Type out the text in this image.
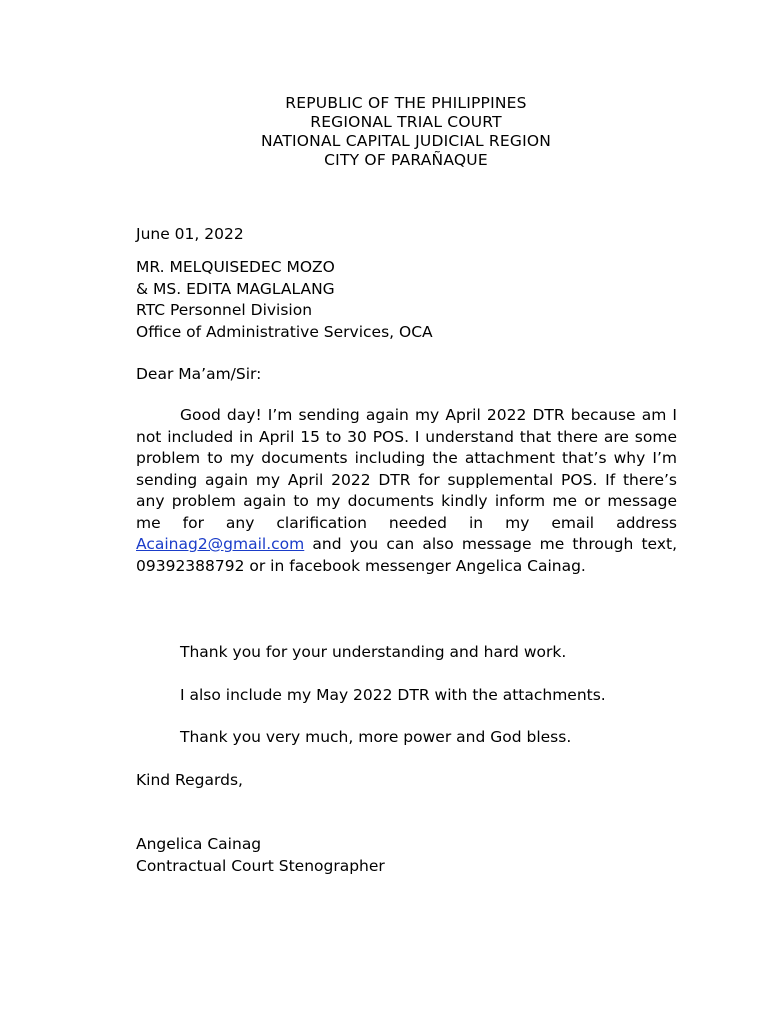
REPUBLIC OF THE PHILIPPINES
REGIONAL TRIAL COURT
NATIONAL CAPITAL JUDICIAL REGION
CITY OF PARAÑAQUE
June 01, 2022
MR. MELQUISEDEC MOZO
& MS. EDITA MAGLALANG
RTC Personnel Division
Office of Administrative Services, OCA
Dear Ma’am/Sir:
Good day! I’m sending again my April 2022 DTR because am I not included in April 15 to 30 POS. I understand that there are some problem to my documents including the attachment that’s why I’m sending again my April 2022 DTR for supplemental POS. If there’s any problem again to my documents kindly inform me or message me for any clarification needed in my email address Acainag2@gmail.com and you can also message me through text, 09392388792 or in facebook messenger Angelica Cainag.
Thank you for your understanding and hard work.
I also include my May 2022 DTR with the attachments.
Thank you very much, more power and God bless.
Kind Regards,
Angelica Cainag
Contractual Court Stenographer
